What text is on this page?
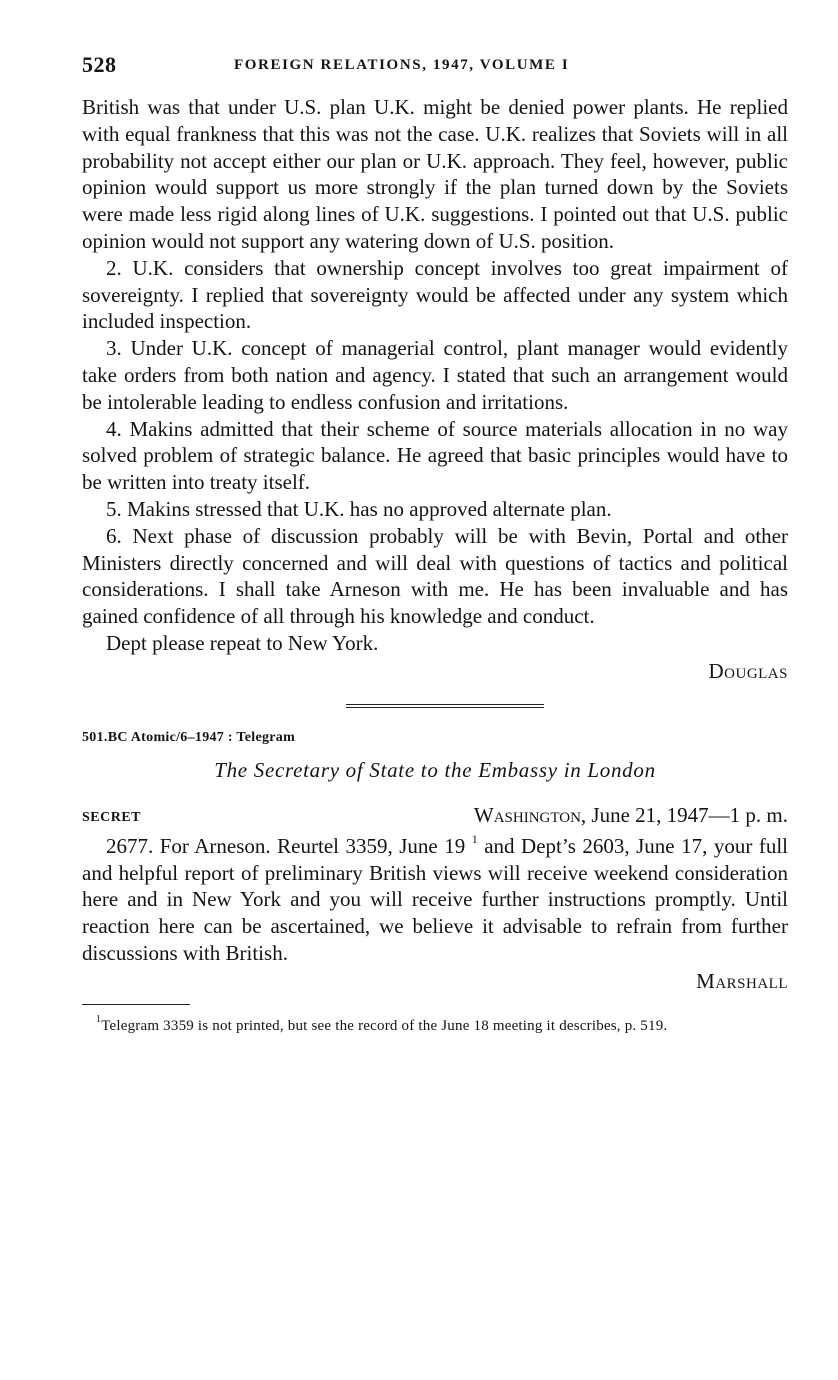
528	FOREIGN RELATIONS, 1947, VOLUME I

British was that under U.S. plan U.K. might be denied power plants. He replied with equal frankness that this was not the case. U.K. realizes that Soviets will in all probability not accept either our plan or U.K. approach. They feel, however, public opinion would support us more strongly if the plan turned down by the Soviets were made less rigid along lines of U.K. suggestions. I pointed out that U.S. public opinion would not support any watering down of U.S. position.

2. U.K. considers that ownership concept involves too great impairment of sovereignty. I replied that sovereignty would be affected under any system which included inspection.

3. Under U.K. concept of managerial control, plant manager would evidently take orders from both nation and agency. I stated that such an arrangement would be intolerable leading to endless confusion and irritations.

4. Makins admitted that their scheme of source materials allocation in no way solved problem of strategic balance. He agreed that basic principles would have to be written into treaty itself.

5. Makins stressed that U.K. has no approved alternate plan.

6. Next phase of discussion probably will be with Bevin, Portal and other Ministers directly concerned and will deal with questions of tactics and political considerations. I shall take Arneson with me. He has been invaluable and has gained confidence of all through his knowledge and conduct.

Dept please repeat to New York.

Douglas
501.BC Atomic/6–1947 : Telegram
The Secretary of State to the Embassy in London
SECRET	Washington, June 21, 1947—1 p. m.

2677. For Arneson. Reurtel 3359, June 19 $^1$ and Dept’s 2603, June 17, your full and helpful report of preliminary British views will receive weekend consideration here and in New York and you will receive further instructions promptly. Until reaction here can be ascertained, we believe it advisable to refrain from further discussions with British.

Marshall
$^1$Telegram 3359 is not printed, but see the record of the June 18 meeting it describes, p. 519.
